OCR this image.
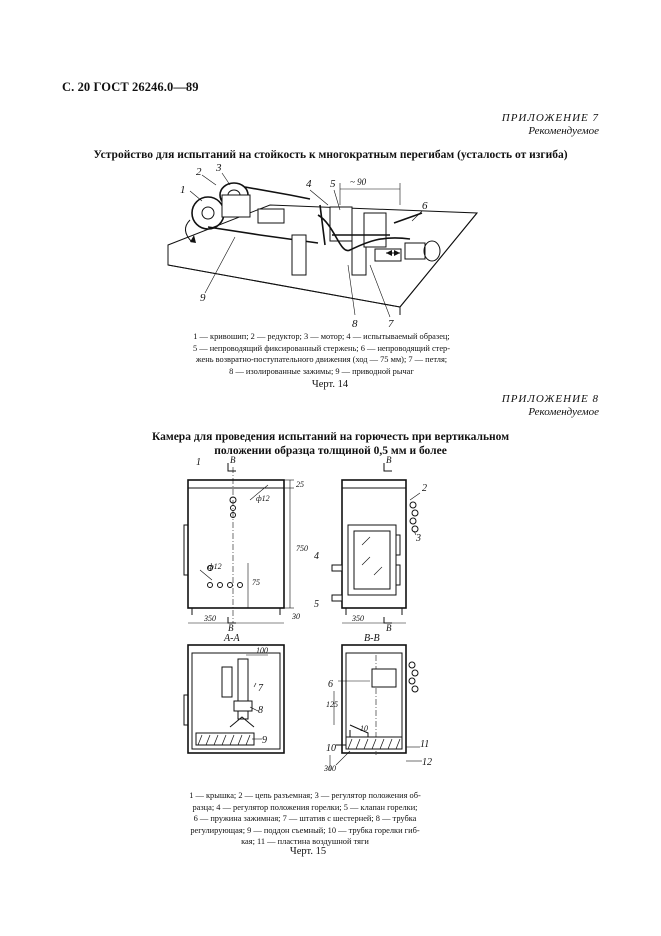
С. 20 ГОСТ 26246.0—89
ПРИЛОЖЕНИЕ 7
Рекомендуемое
Устройство для испытаний на стойкость к многократным перегибам (усталость от изгиба)
1
2 3
4 5
6
7
8
9
~ 90
1 — кривошип; 2 — редуктор; 3 — мотор; 4 — испытываемый образец;
5 — непроводящий фиксированный стержень; 6 — непроводящий стер-
жень возвратно-поступательного движения (ход — 75 мм); 7 — петля;
8 — изолированные зажимы; 9 — приводной рычаг
Черт. 14
ПРИЛОЖЕНИЕ 8
Рекомендуемое
Камера для проведения испытаний на горючесть при вертикальном
положении образца толщиной 0,5 мм и более
1
2
3
4
5
6
7
8
9
10	11
12
В
В
В
В
А-А	В-В
ф12
25
750
ф12
75
30
350	350
100
125
10
300
1 — крышка; 2 — цепь разъемная; 3 — регулятор положения об-
разца; 4 — регулятор положения горелки; 5 — клапан горелки;
6 — пружина зажимная; 7 — штатив с шестерней; 8 — трубка
регулирующая; 9 — поддон съемный; 10 — трубка горелки гиб-
кая; 11 — пластина воздушной тяги
Черт. 15
